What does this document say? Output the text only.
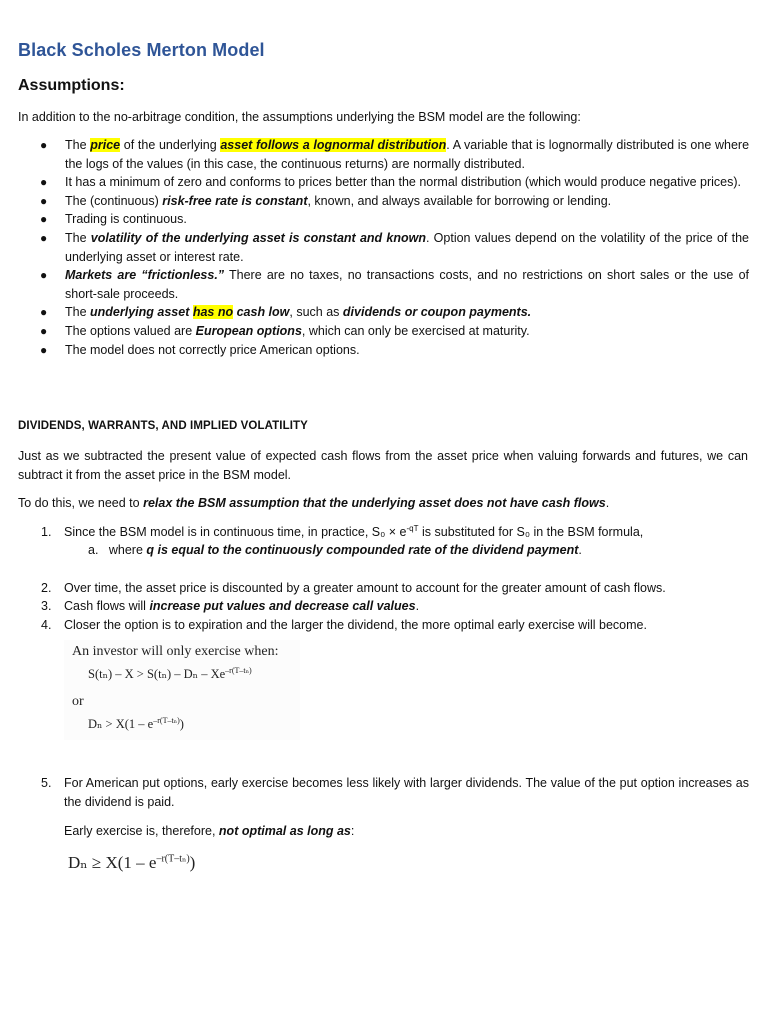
Black Scholes Merton Model
Assumptions:
In addition to the no-arbitrage condition, the assumptions underlying the BSM model are the following:
● The price of the underlying asset follows a lognormal distribution. A variable that is lognormally distributed is one where the logs of the values (in this case, the continuous returns) are normally distributed.
● It has a minimum of zero and conforms to prices better than the normal distribution (which would produce negative prices).
● The (continuous) risk-free rate is constant, known, and always available for borrowing or lending.
● Trading is continuous.
● The volatility of the underlying asset is constant and known. Option values depend on the volatility of the price of the underlying asset or interest rate.
● Markets are “frictionless.” There are no taxes, no transactions costs, and no restrictions on short sales or the use of short-sale proceeds.
● The underlying asset has no cash low, such as dividends or coupon payments.
● The options valued are European options, which can only be exercised at maturity.
● The model does not correctly price American options.
DIVIDENDS, WARRANTS, AND IMPLIED VOLATILITY
Just as we subtracted the present value of expected cash flows from the asset price when valuing forwards and futures, we can subtract it from the asset price in the BSM model.
To do this, we need to relax the BSM assumption that the underlying asset does not have cash flows.
1. Since the BSM model is in continuous time, in practice, $S_0 \times e^{-qT}$ is substituted for S₀ in the BSM formula,
a. where q is equal to the continuously compounded rate of the dividend payment.
2. Over time, the asset price is discounted by a greater amount to account for the greater amount of cash flows.
3. Cash flows will increase put values and decrease call values.
4. Closer the option is to expiration and the larger the dividend, the more optimal early exercise will become.
An investor will only exercise when:
$S(t_n) - X > S(t_n) - D_n - Xe^{-r(T-t_n)}$
or
$D_n > X(1 - e^{-r(T-t_n)})$
5. For American put options, early exercise becomes less likely with larger dividends. The value of the put option increases as the dividend is paid.
Early exercise is, therefore, not optimal as long as:
$D_n \ge X(1 - e^{-r(T-t_n)})$
